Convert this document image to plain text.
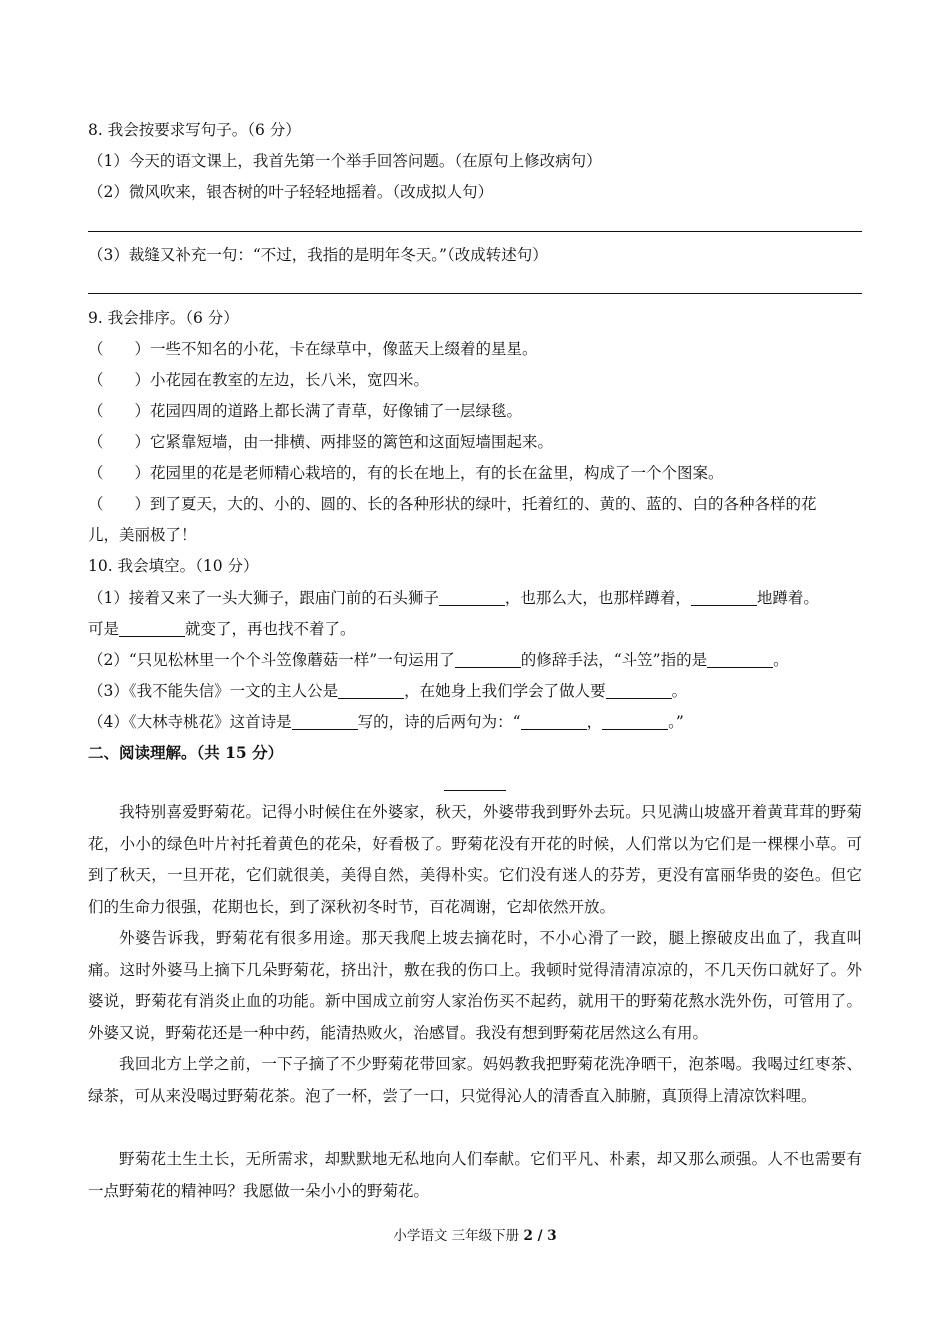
8. 我会按要求写句子。（6 分）
（1）今天的语文课上，我首先第一个举手回答问题。（在原句上修改病句）
（2）微风吹来，银杏树的叶子轻轻地摇着。（改成拟人句）
（3）裁缝又补充一句：“不过，我指的是明年冬天。”（改成转述句）
9. 我会排序。（6 分）
（　　）一些不知名的小花，卡在绿草中，像蓝天上缀着的星星。
（　　）小花园在教室的左边，长八米，宽四米。
（　　）花园四周的道路上都长满了青草，好像铺了一层绿毯。
（　　）它紧靠短墙，由一排横、两排竖的篱笆和这面短墙围起来。
（　　）花园里的花是老师精心栽培的，有的长在地上，有的长在盆里，构成了一个个图案。
（　　）到了夏天，大的、小的、圆的、长的各种形状的绿叶，托着红的、黄的、蓝的、白的各种各样的花
儿，美丽极了！
10. 我会填空。（10 分）
（1）接着又来了一头大狮子，跟庙门前的石头狮子	，也那么大，也那样蹲着，	地蹲着。
可是	就变了，再也找不着了。
（2）“只见松林里一个个斗笠像蘑菇一样”一句运用了	的修辞手法，“斗笠”指的是	。
（3）《我不能失信》一文的主人公是	，在她身上我们学会了做人要	。
（4）《大林寺桃花》这首诗是	写的，诗的后两句为：“	，	。”
二、阅读理解。（共 15 分）
我特别喜爱野菊花。记得小时候住在外婆家，秋天，外婆带我到野外去玩。只见满山坡盛开着黄茸茸的野菊花，小小的绿色叶片衬托着黄色的花朵，好看极了。野菊花没有开花的时候，人们常以为它们是一棵棵小草。可到了秋天，一旦开花，它们就很美，美得自然，美得朴实。它们没有迷人的芬芳，更没有富丽华贵的姿色。但它们的生命力很强，花期也长，到了深秋初冬时节，百花凋谢，它却依然开放。
外婆告诉我，野菊花有很多用途。那天我爬上坡去摘花时，不小心滑了一跤，腿上擦破皮出血了，我直叫痛。这时外婆马上摘下几朵野菊花，挤出汁，敷在我的伤口上。我顿时觉得清清凉凉的，不几天伤口就好了。外婆说，野菊花有消炎止血的功能。新中国成立前穷人家治伤买不起药，就用干的野菊花熬水洗外伤，可管用了。外婆又说，野菊花还是一种中药，能清热败火，治感冒。我没有想到野菊花居然这么有用。
我回北方上学之前，一下子摘了不少野菊花带回家。妈妈教我把野菊花洗净晒干，泡茶喝。我喝过红枣茶、绿茶，可从来没喝过野菊花茶。泡了一杯，尝了一口，只觉得沁人的清香直入肺腑，真顶得上清凉饮料哩。
野菊花土生土长，无所需求，却默默地无私地向人们奉献。它们平凡、朴素，却又那么顽强。人不也需要有一点野菊花的精神吗？我愿做一朵小小的野菊花。
小学语文 三年级下册 2 / 3
